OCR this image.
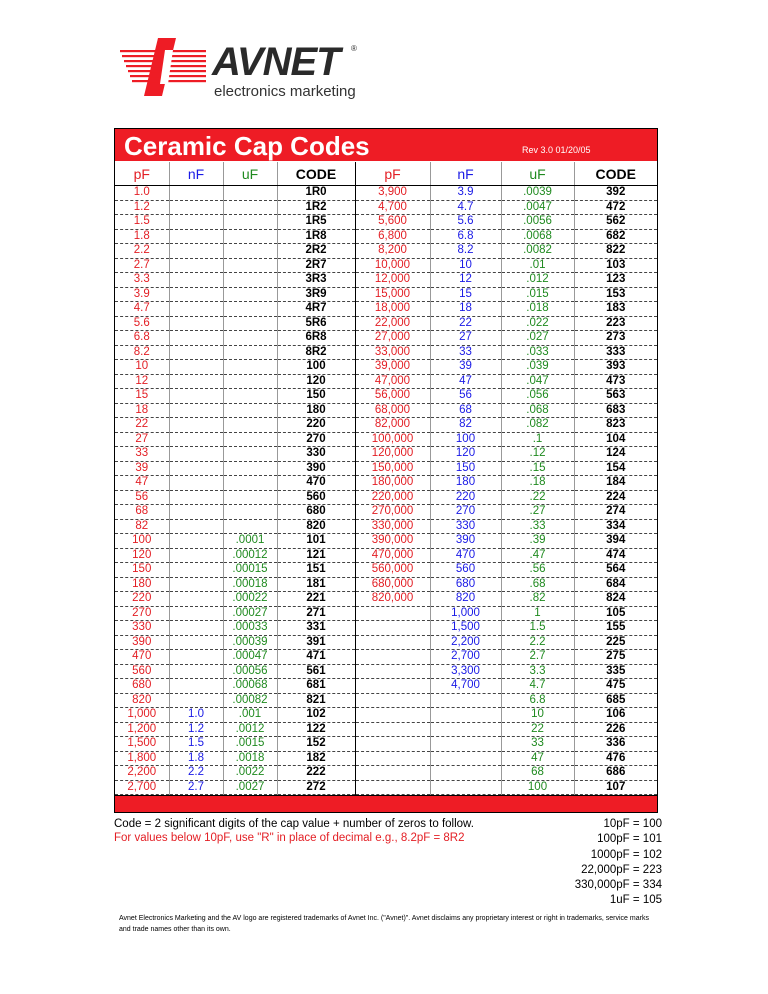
AVNET ®
electronics marketing
Ceramic Cap Codes	Rev 3.0 01/20/05
pF	nF	uF	CODE	pF	nF	uF	CODE
1.0			1R0	3,900	3.9	.0039	392
1.2			1R2	4,700	4.7	.0047	472
1.5			1R5	5,600	5.6	.0056	562
1.8			1R8	6,800	6.8	.0068	682
2.2			2R2	8,200	8.2	.0082	822
2.7			2R7	10,000	10	.01	103
3.3			3R3	12,000	12	.012	123
3.9			3R9	15,000	15	.015	153
4.7			4R7	18,000	18	.018	183
5.6			5R6	22,000	22	.022	223
6.8			6R8	27,000	27	.027	273
8.2			8R2	33,000	33	.033	333
10			100	39,000	39	.039	393
12			120	47,000	47	.047	473
15			150	56,000	56	.056	563
18			180	68,000	68	.068	683
22			220	82,000	82	.082	823
27			270	100,000	100	.1	104
33			330	120,000	120	.12	124
39			390	150,000	150	.15	154
47			470	180,000	180	.18	184
56			560	220,000	220	.22	224
68			680	270,000	270	.27	274
82			820	330,000	330	.33	334
100		.0001	101	390,000	390	.39	394
120		.00012	121	470,000	470	.47	474
150		.00015	151	560,000	560	.56	564
180		.00018	181	680,000	680	.68	684
220		.00022	221	820,000	820	.82	824
270		.00027	271		1,000	1	105
330		.00033	331		1,500	1.5	155
390		.00039	391		2,200	2.2	225
470		.00047	471		2,700	2.7	275
560		.00056	561		3,300	3.3	335
680		.00068	681		4,700	4.7	475
820		.00082	821			6.8	685
1,000	1.0	.001	102			10	106
1,200	1.2	.0012	122			22	226
1,500	1.5	.0015	152			33	336
1,800	1.8	.0018	182			47	476
2,200	2.2	.0022	222			68	686
2,700	2.7	.0027	272			100	107

Code = 2 significant digits of the cap value + number of zeros to follow.
For values below 10pF, use "R" in place of decimal e.g., 8.2pF = 8R2
10pF = 100
100pF = 101
1000pF = 102
22,000pF = 223
330,000pF = 334
1uF = 105
Avnet Electronics Marketing and the AV logo are registered trademarks of Avnet Inc. ("Avnet)". Avnet disclaims any proprietary interest or right in trademarks, service marks and trade names other than its own.
